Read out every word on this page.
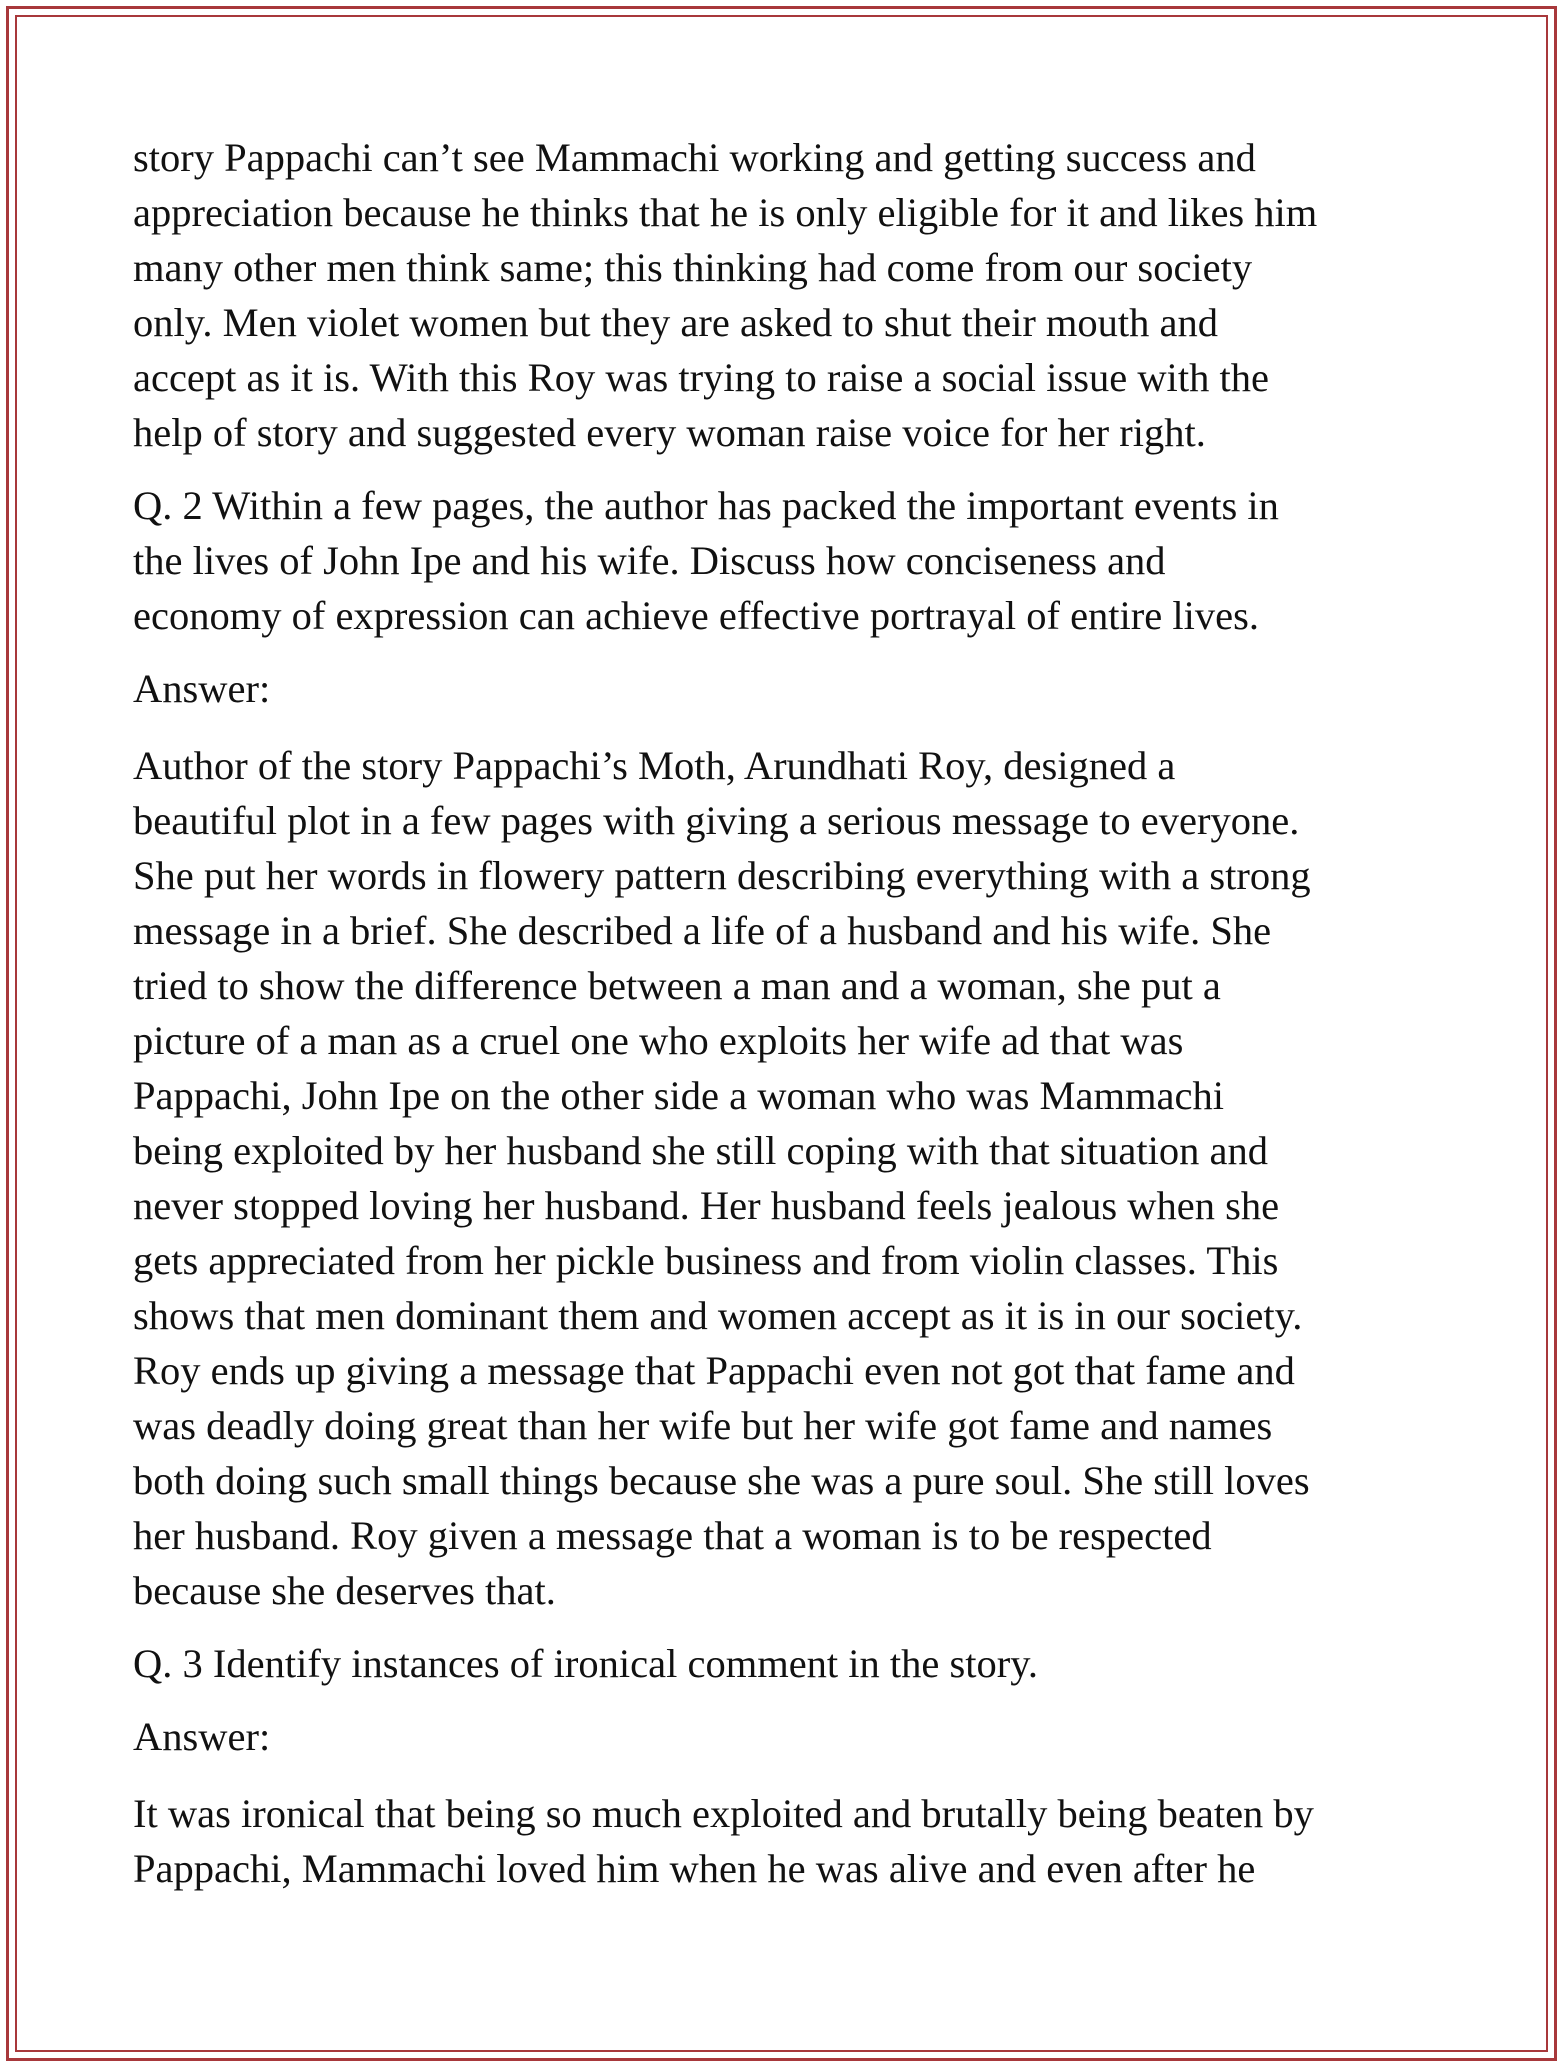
story Pappachi can’t see Mammachi working and getting success and
appreciation because he thinks that he is only eligible for it and likes him
many other men think same; this thinking had come from our society
only. Men violet women but they are asked to shut their mouth and
accept as it is. With this Roy was trying to raise a social issue with the
help of story and suggested every woman raise voice for her right.
Q. 2 Within a few pages, the author has packed the important events in
the lives of John Ipe and his wife. Discuss how conciseness and
economy of expression can achieve effective portrayal of entire lives.
Answer:
Author of the story Pappachi’s Moth, Arundhati Roy, designed a
beautiful plot in a few pages with giving a serious message to everyone.
She put her words in flowery pattern describing everything with a strong
message in a brief. She described a life of a husband and his wife. She
tried to show the difference between a man and a woman, she put a
picture of a man as a cruel one who exploits her wife ad that was
Pappachi, John Ipe on the other side a woman who was Mammachi
being exploited by her husband she still coping with that situation and
never stopped loving her husband. Her husband feels jealous when she
gets appreciated from her pickle business and from violin classes. This
shows that men dominant them and women accept as it is in our society.
Roy ends up giving a message that Pappachi even not got that fame and
was deadly doing great than her wife but her wife got fame and names
both doing such small things because she was a pure soul. She still loves
her husband. Roy given a message that a woman is to be respected
because she deserves that.
Q. 3 Identify instances of ironical comment in the story.
Answer:
It was ironical that being so much exploited and brutally being beaten by
Pappachi, Mammachi loved him when he was alive and even after he
